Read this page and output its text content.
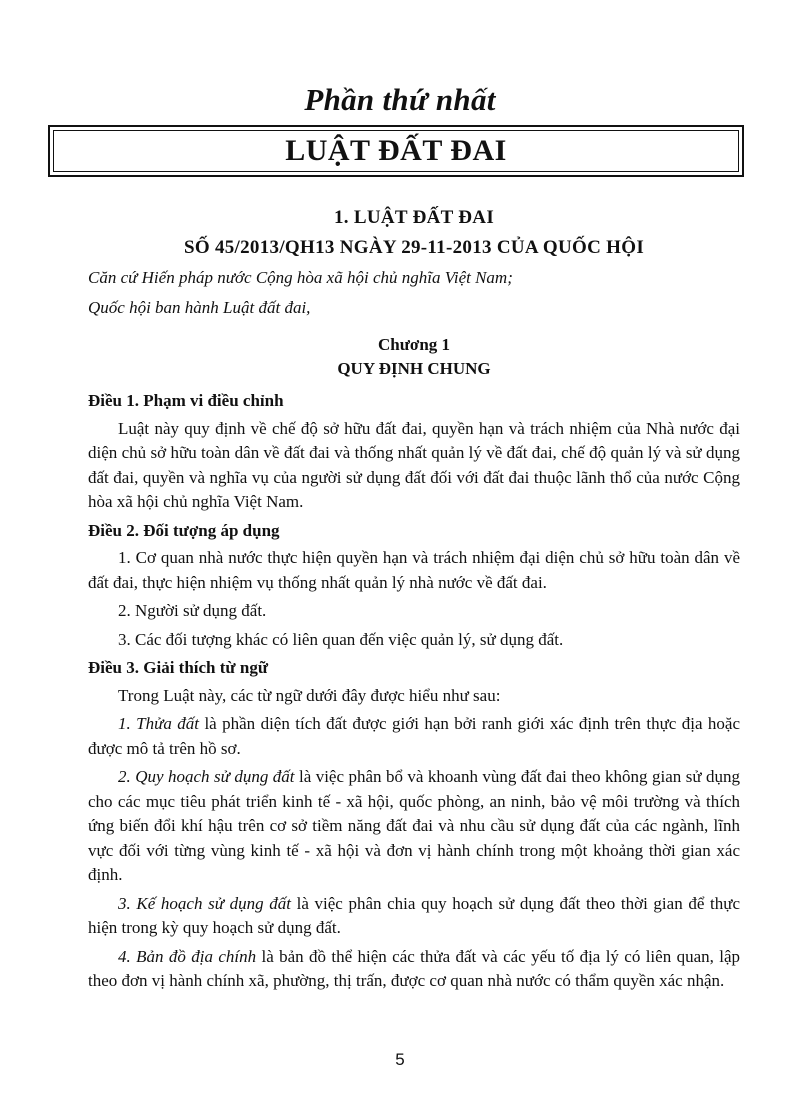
Phần thứ nhất
LUẬT ĐẤT ĐAI
1. LUẬT ĐẤT ĐAI
SỐ 45/2013/QH13 NGÀY 29-11-2013 CỦA QUỐC HỘI

Căn cứ Hiến pháp nước Cộng hòa xã hội chủ nghĩa Việt Nam;

Quốc hội ban hành Luật đất đai,

Chương 1
QUY ĐỊNH CHUNG
Điều 1. Phạm vi điều chỉnh

Luật này quy định về chế độ sở hữu đất đai, quyền hạn và trách nhiệm của Nhà nước đại diện chủ sở hữu toàn dân về đất đai và thống nhất quản lý về đất đai, chế độ quản lý và sử dụng đất đai, quyền và nghĩa vụ của người sử dụng đất đối với đất đai thuộc lãnh thổ của nước Cộng hòa xã hội chủ nghĩa Việt Nam.

Điều 2. Đối tượng áp dụng

1. Cơ quan nhà nước thực hiện quyền hạn và trách nhiệm đại diện chủ sở hữu toàn dân về đất đai, thực hiện nhiệm vụ thống nhất quản lý nhà nước về đất đai.

2. Người sử dụng đất.

3. Các đối tượng khác có liên quan đến việc quản lý, sử dụng đất.

Điều 3. Giải thích từ ngữ

Trong Luật này, các từ ngữ dưới đây được hiểu như sau:

1. Thửa đất là phần diện tích đất được giới hạn bởi ranh giới xác định trên thực địa hoặc được mô tả trên hồ sơ.

2. Quy hoạch sử dụng đất là việc phân bổ và khoanh vùng đất đai theo không gian sử dụng cho các mục tiêu phát triển kinh tế - xã hội, quốc phòng, an ninh, bảo vệ môi trường và thích ứng biến đổi khí hậu trên cơ sở tiềm năng đất đai và nhu cầu sử dụng đất của các ngành, lĩnh vực đối với từng vùng kinh tế - xã hội và đơn vị hành chính trong một khoảng thời gian xác định.

3. Kế hoạch sử dụng đất là việc phân chia quy hoạch sử dụng đất theo thời gian để thực hiện trong kỳ quy hoạch sử dụng đất.

4. Bản đồ địa chính là bản đồ thể hiện các thửa đất và các yếu tố địa lý có liên quan, lập theo đơn vị hành chính xã, phường, thị trấn, được cơ quan nhà nước có thẩm quyền xác nhận.

5
